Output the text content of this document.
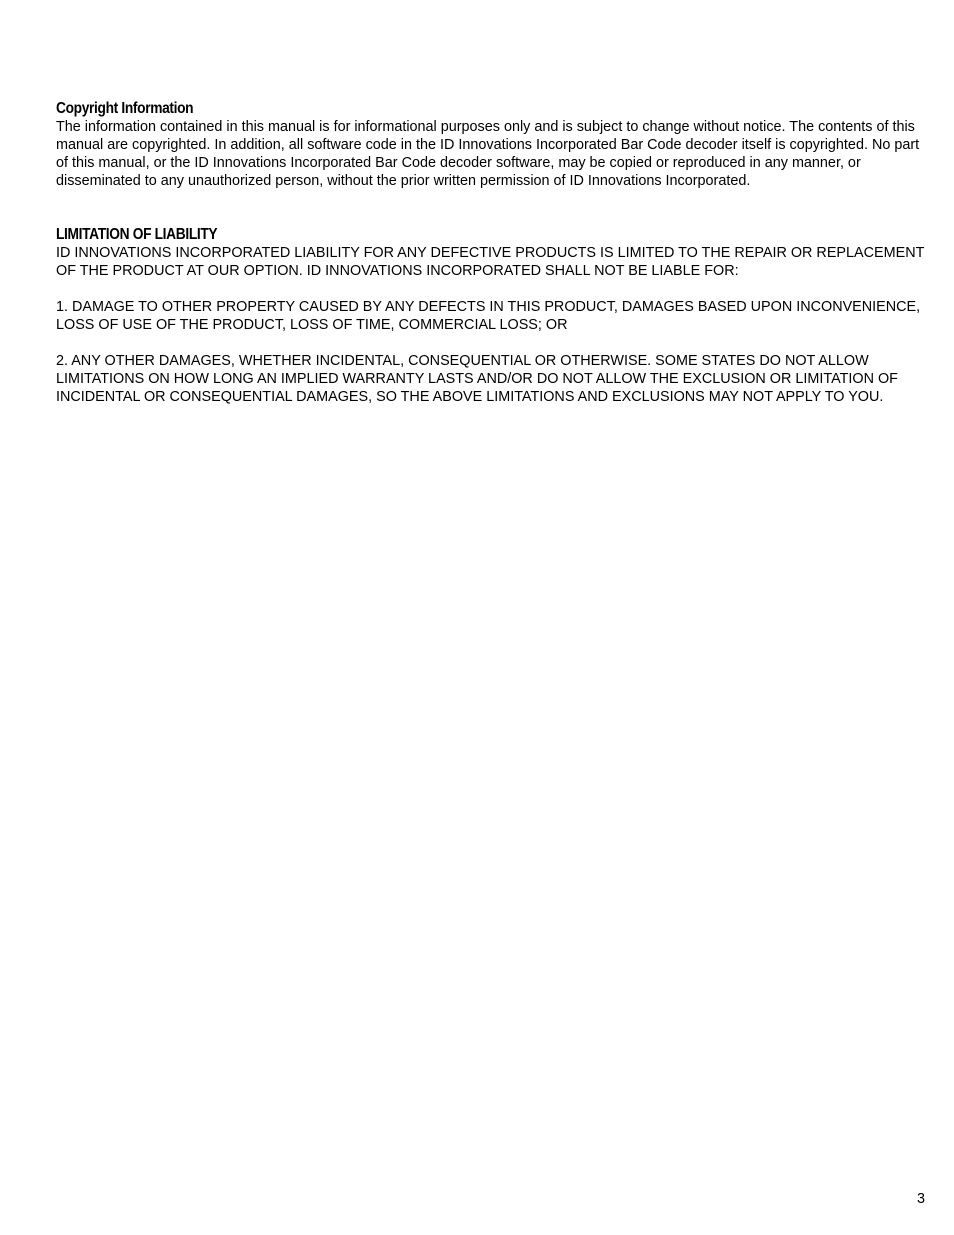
Copyright Information

The information contained in this manual is for informational purposes only and is subject to change without notice. The contents of this manual are copyrighted. In addition, all software code in the ID Innovations Incorporated Bar Code decoder itself is copyrighted. No part of this manual, or the ID Innovations Incorporated Bar Code decoder software, may be copied or reproduced in any manner, or disseminated to any unauthorized person, without the prior written permission of ID Innovations Incorporated.

LIMITATION OF LIABILITY

ID INNOVATIONS INCORPORATED LIABILITY FOR ANY DEFECTIVE PRODUCTS IS LIMITED TO THE REPAIR OR REPLACEMENT OF THE PRODUCT AT OUR OPTION. ID INNOVATIONS INCORPORATED SHALL NOT BE LIABLE FOR:

1. DAMAGE TO OTHER PROPERTY CAUSED BY ANY DEFECTS IN THIS PRODUCT, DAMAGES BASED UPON INCONVENIENCE, LOSS OF USE OF THE PRODUCT, LOSS OF TIME, COMMERCIAL LOSS; OR

2. ANY OTHER DAMAGES, WHETHER INCIDENTAL, CONSEQUENTIAL OR OTHERWISE. SOME STATES DO NOT ALLOW LIMITATIONS ON HOW LONG AN IMPLIED WARRANTY LASTS AND/OR DO NOT ALLOW THE EXCLUSION OR LIMITATION OF INCIDENTAL OR CONSEQUENTIAL DAMAGES, SO THE ABOVE LIMITATIONS AND EXCLUSIONS MAY NOT APPLY TO YOU.

3
